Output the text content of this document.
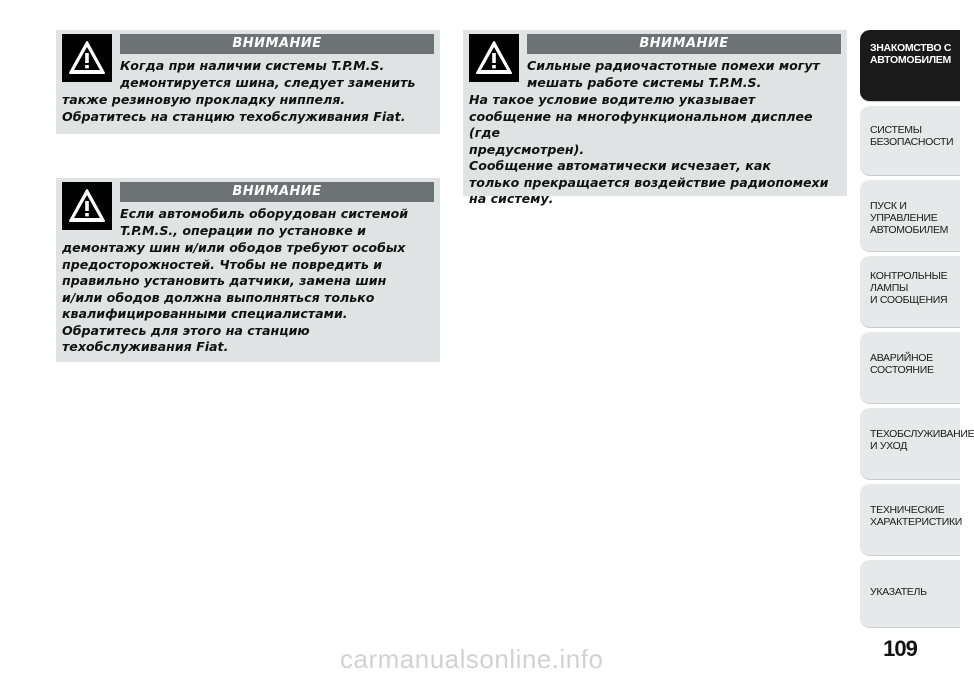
ВНИМАНИЕ
Когда при наличии системы T.P.M.S.
демонтируется шина, следует заменить
также резиновую прокладку ниппеля.
Обратитесь на станцию техобслуживания Fiat.
ВНИМАНИЕ
Если автомобиль оборудован системой
T.P.M.S., операции по установке и
демонтажу шин и/или ободов требуют особых
предосторожностей. Чтобы не повредить и
правильно установить датчики, замена шин
и/или ободов должна выполняться только
квалифицированными специалистами.
Обратитесь для этого на станцию
техобслуживания Fiat.
ВНИМАНИЕ
Сильные радиочастотные помехи могут
мешать работе системы T.P.M.S.
На такое условие водителю указывает
сообщение на многофункциональном дисплее (где
предусмотрен).
Сообщение автоматически исчезает, как
только прекращается воздействие радиопомехи
на систему.
ЗНАКОМСТВО С
АВТОМОБИЛЕМ
СИСТЕМЫ
БЕЗОПАСНОСТИ
ПУСК И УПРАВЛЕНИЕ
АВТОМОБИЛЕМ
КОНТРОЛЬНЫЕ
ЛАМПЫ
И СООБЩЕНИЯ
АВАРИЙНОЕ
СОСТОЯНИЕ
ТЕХОБСЛУЖИВАНИЕ
И УХОД
ТЕХНИЧЕСКИЕ
ХАРАКТЕРИСТИКИ
УКАЗАТЕЛЬ
109
carmanualsonline.info
